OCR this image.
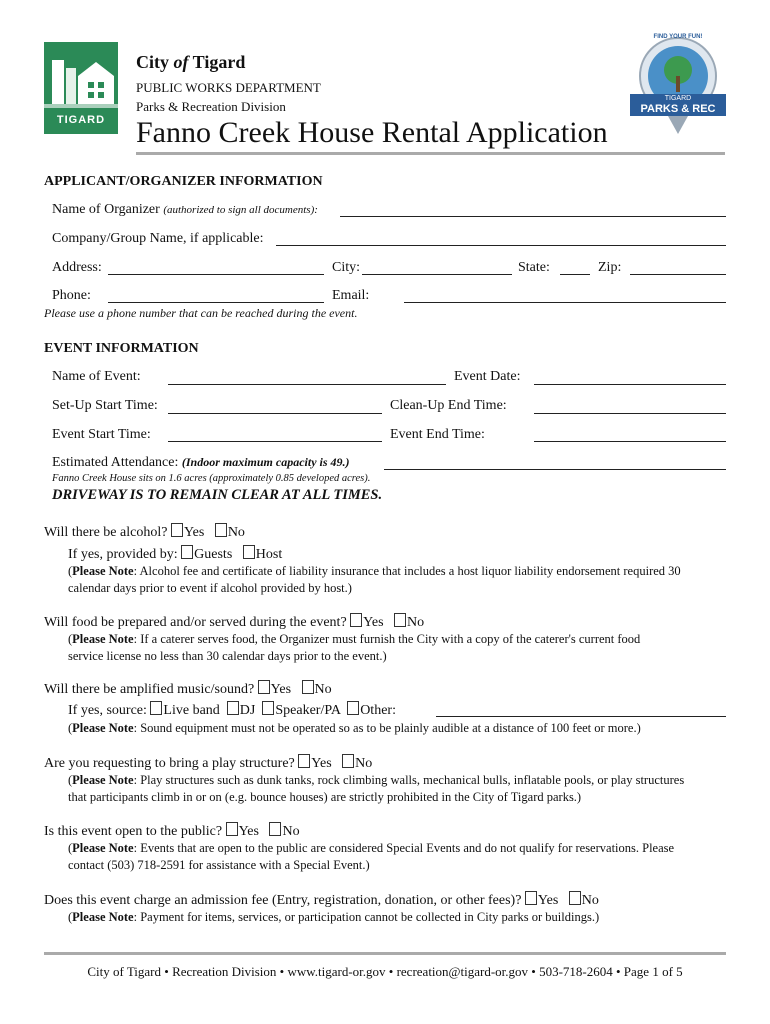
TIGARD
City of Tigard
PUBLIC WORKS DEPARTMENT
Parks & Recreation Division
Fanno Creek House Rental Application
FIND YOUR FUN!
TIGARD
PARKS & REC
APPLICANT/ORGANIZER INFORMATION
Name of Organizer (authorized to sign all documents):
Company/Group Name, if applicable:
Address:	City:	State:	Zip:
Phone:	Email:
Please use a phone number that can be reached during the event.
EVENT INFORMATION
Name of Event:	Event Date:
Set-Up Start Time:	Clean-Up End Time:
Event Start Time:	Event End Time:
Estimated Attendance: (Indoor maximum capacity is 49.)
Fanno Creek House sits on 1.6 acres (approximately 0.85 developed acres).
DRIVEWAY IS TO REMAIN CLEAR AT ALL TIMES.
Will there be alcohol? Yes No
If yes, provided by: Guests Host
(Please Note: Alcohol fee and certificate of liability insurance that includes a host liquor liability endorsement required 30
calendar days prior to event if alcohol provided by host.)
Will food be prepared and/or served during the event? Yes No
(Please Note: If a caterer serves food, the Organizer must furnish the City with a copy of the caterer's current food
service license no less than 30 calendar days prior to the event.)
Will there be amplified music/sound? Yes No
If yes, source: Live band DJ Speaker/PA Other:
(Please Note: Sound equipment must not be operated so as to be plainly audible at a distance of 100 feet or more.)
Are you requesting to bring a play structure? Yes No
(Please Note: Play structures such as dunk tanks, rock climbing walls, mechanical bulls, inflatable pools, or play structures
that participants climb in or on (e.g. bounce houses) are strictly prohibited in the City of Tigard parks.)
Is this event open to the public? Yes No
(Please Note: Events that are open to the public are considered Special Events and do not qualify for reservations. Please
contact (503) 718-2591 for assistance with a Special Event.)
Does this event charge an admission fee (Entry, registration, donation, or other fees)? Yes No
(Please Note: Payment for items, services, or participation cannot be collected in City parks or buildings.)
City of Tigard • Recreation Division • www.tigard-or.gov • recreation@tigard-or.gov • 503-718-2604 • Page 1 of 5
